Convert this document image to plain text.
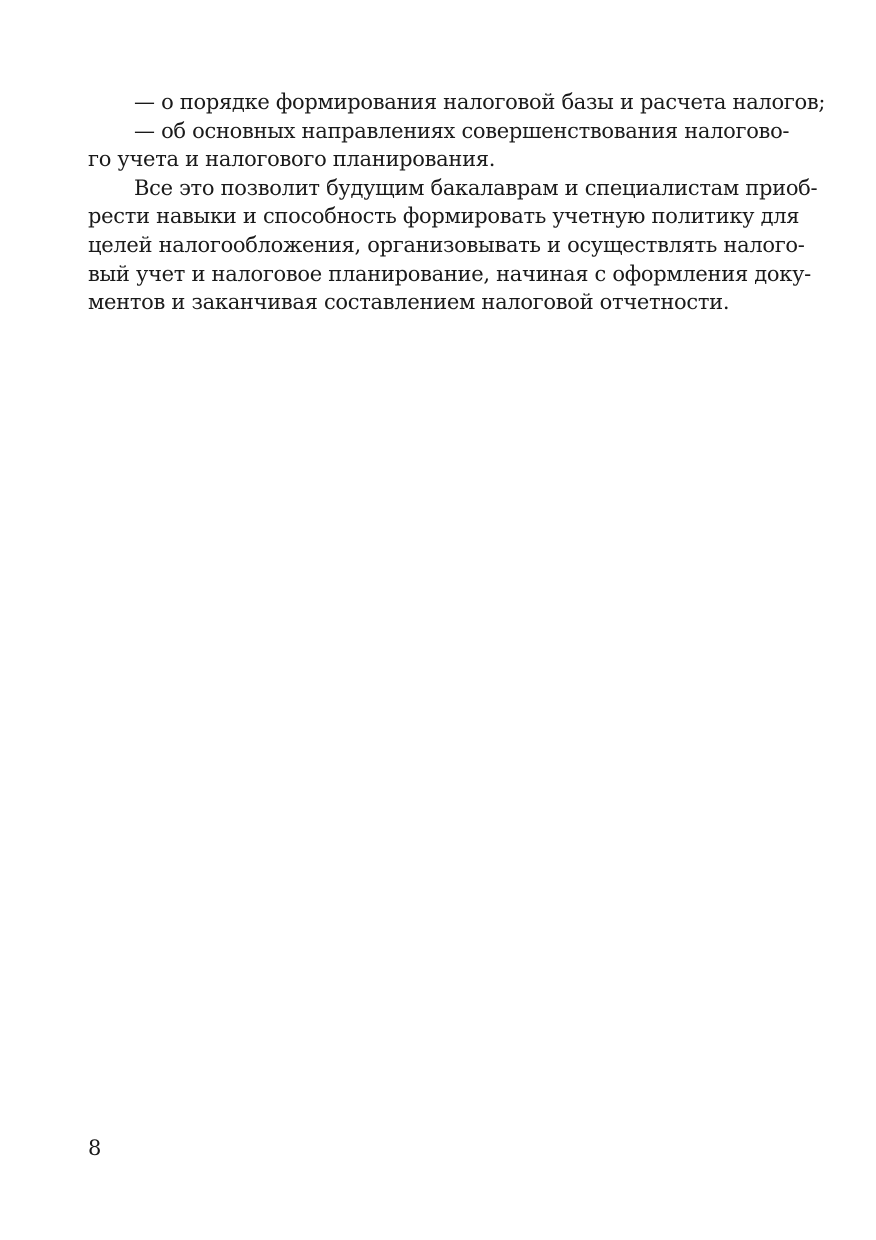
— о порядке формирования налоговой базы и расчета налогов;
— об основных направлениях совершенствования налогово-
го учета и налогового планирования.
Все это позволит будущим бакалаврам и специалистам приоб-
рести навыки и способность формировать учетную политику для
целей налогообложения, организовывать и осуществлять налого-
вый учет и налоговое планирование, начиная с оформления доку-
ментов и заканчивая составлением налоговой отчетности.
8
